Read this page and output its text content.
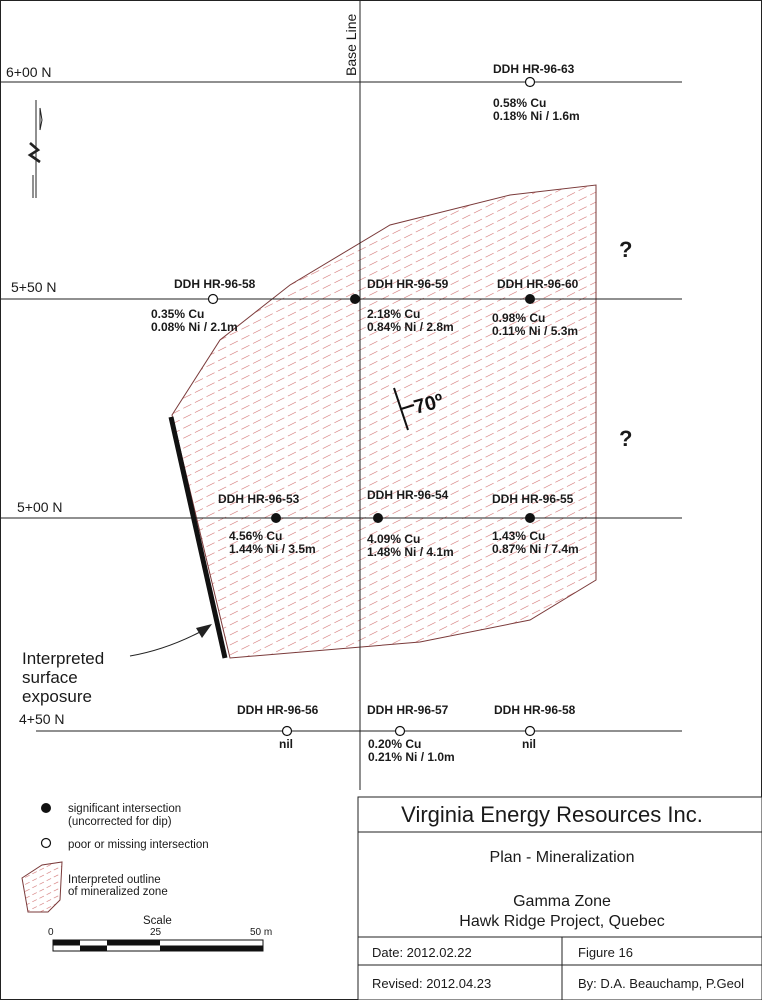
Base Line
6+00 N
5+50 N
5+00 N
4+50 N
Interpreted
surface
exposure
70º
?
?
DDH HR-96-63
0.58% Cu
0.18% Ni / 1.6m
DDH HR-96-58
0.35% Cu
0.08% Ni / 2.1m
DDH HR-96-59
2.18% Cu
0.84% Ni / 2.8m
DDH HR-96-60
0.98% Cu
0.11% Ni / 5.3m
DDH HR-96-53
4.56% Cu
1.44% Ni / 3.5m
DDH HR-96-54
4.09% Cu
1.48% Ni / 4.1m
DDH HR-96-55
1.43% Cu
0.87% Ni / 7.4m
DDH HR-96-56
nil
DDH HR-96-57
0.20% Cu
0.21% Ni / 1.0m
DDH HR-96-58
nil
significant intersection
(uncorrected for dip)
poor or missing intersection
Interpreted outline
of mineralized zone
Scale
0	25	50 m
Virginia Energy Resources Inc.
Plan - Mineralization
Gamma Zone
Hawk Ridge Project, Quebec
Date: 2012.02.22	Figure 16
Revised: 2012.04.23	By: D.A. Beauchamp, P.Geol
